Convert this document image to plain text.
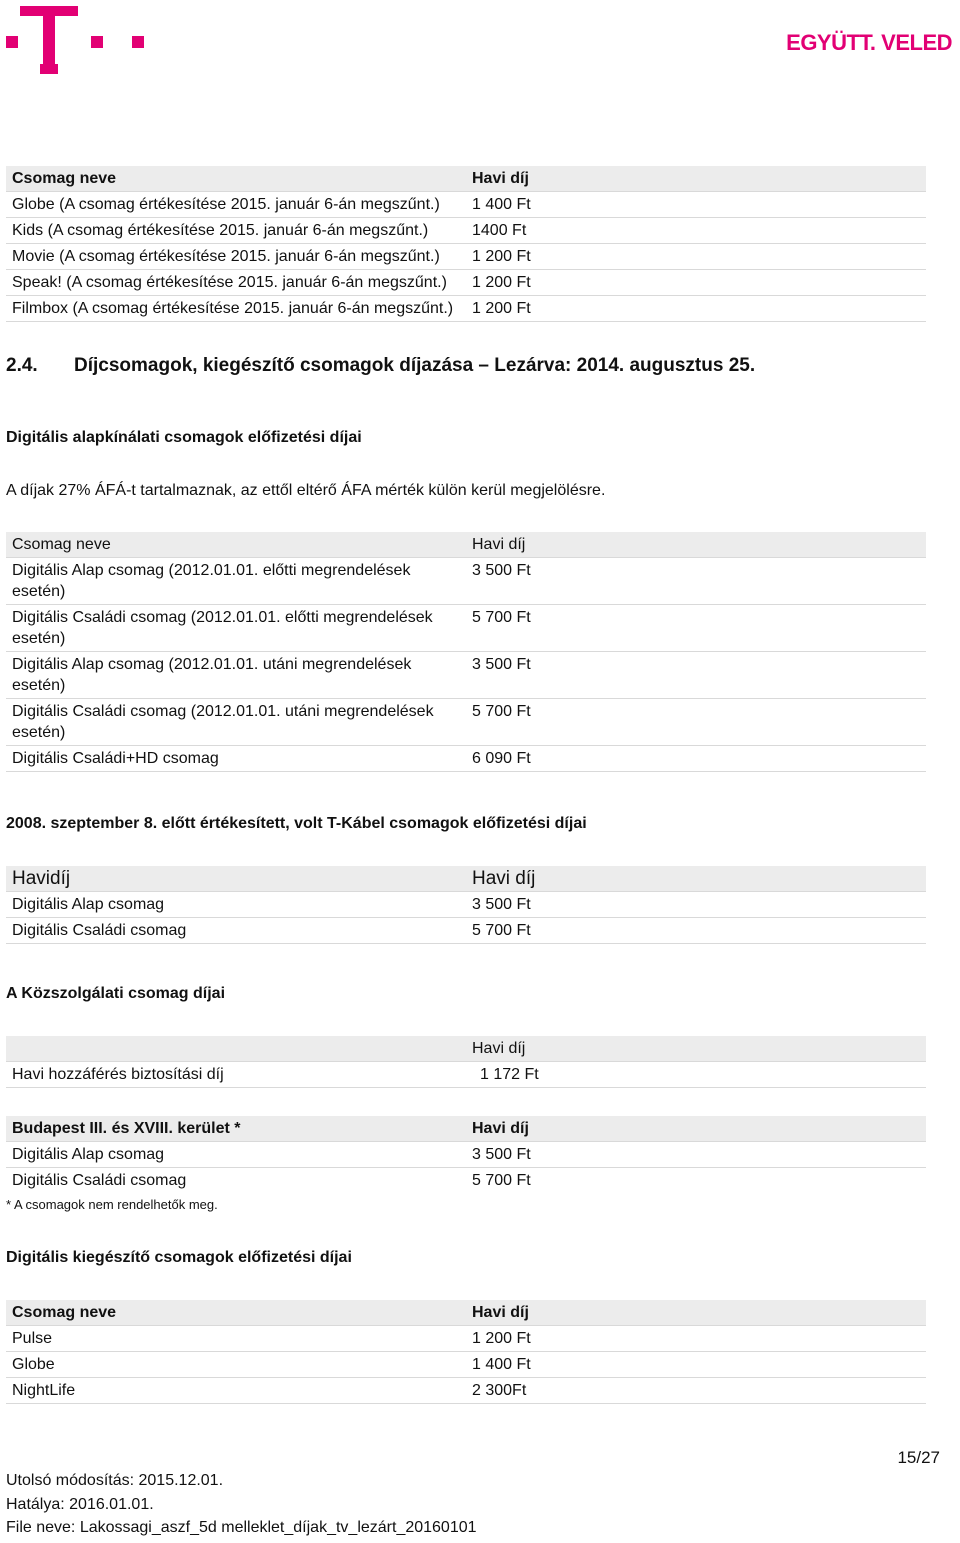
EGYÜTT. VELED
Csomag neve	Havi díj
Globe (A csomag értékesítése 2015. január 6-án megszűnt.)	1 400 Ft
Kids (A csomag értékesítése 2015. január 6-án megszűnt.)	1400 Ft
Movie (A csomag értékesítése 2015. január 6-án megszűnt.)	1 200 Ft
Speak! (A csomag értékesítése 2015. január 6-án megszűnt.)	1 200 Ft
Filmbox (A csomag értékesítése 2015. január 6-án megszűnt.)	1 200 Ft
2.4. Díjcsomagok, kiegészítő csomagok díjazása – Lezárva: 2014. augusztus 25.
Digitális alapkínálati csomagok előfizetési díjai
A díjak 27% ÁFÁ-t tartalmaznak, az ettől eltérő ÁFA mérték külön kerül megjelölésre.
Csomag neve	Havi díj
Digitális Alap csomag (2012.01.01. előtti megrendelések esetén)	3 500 Ft
Digitális Családi csomag (2012.01.01. előtti megrendelések esetén)	5 700 Ft
Digitális Alap csomag (2012.01.01. utáni megrendelések esetén)	3 500 Ft
Digitális Családi csomag (2012.01.01. utáni megrendelések esetén)	5 700 Ft
Digitális Családi+HD csomag	6 090 Ft
2008. szeptember 8. előtt értékesített, volt T-Kábel csomagok előfizetési díjai
Havidíj	Havi díj
Digitális Alap csomag	3 500 Ft
Digitális Családi csomag	5 700 Ft
A Közszolgálati csomag díjai
	Havi díj
Havi hozzáférés biztosítási díj	1 172 Ft
Budapest III. és XVIII. kerület *	Havi díj
Digitális Alap csomag	3 500 Ft
Digitális Családi csomag	5 700 Ft
* A csomagok nem rendelhetők meg.
Digitális kiegészítő csomagok előfizetési díjai
Csomag neve	Havi díj
Pulse	1 200 Ft
Globe	1 400 Ft
NightLife	2 300Ft
15/27
Utolsó módosítás: 2015.12.01.
Hatálya: 2016.01.01.
File neve: Lakossagi_aszf_5d melleklet_díjak_tv_lezárt_20160101
